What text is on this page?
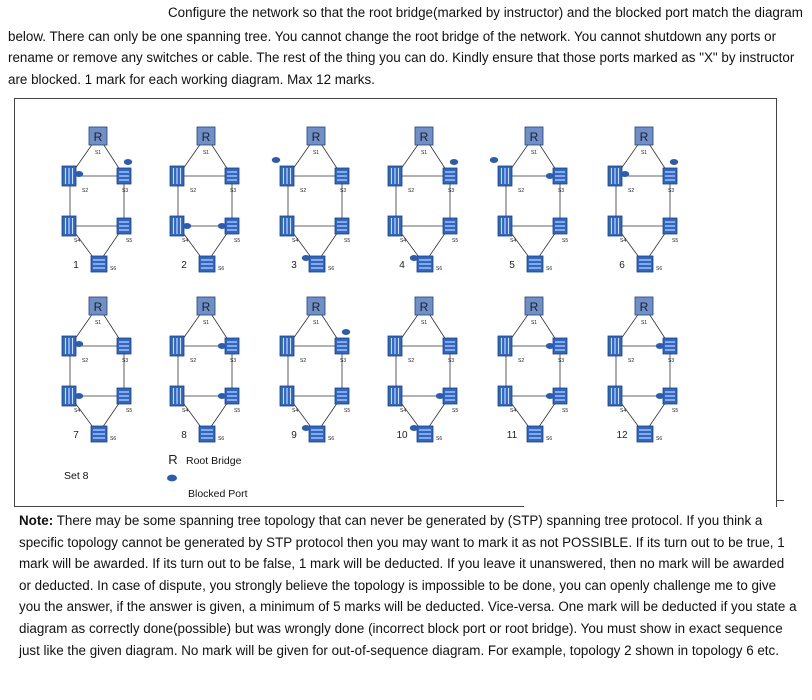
Configure the network so that the root bridge(marked by instructor) and the blocked port match the diagram below. There can only be one spanning tree. You cannot change the root bridge of the network. You cannot shutdown any ports or rename or remove any switches or cable. The rest of the thing you can do. Kindly ensure that those ports marked as "X" by instructor are blocked. 1 mark for each working diagram. Max 12 marks.
R
S1
S2	S3
S4	S5
S6
1
R
S1
S2	S3
S4	S5
S6
2
R
S1
S2	S3
S4	S5
S6
3
R
S1
S2	S3
S4	S5
S6
4
R
S1
S2	S3
S4	S5
S6
5
R
S1
S2	S3
S4	S5
S6
6
R
S1
S2	S3
S4	S5
S6
7
R
S1
S2	S3
S4	S5
S6
8
R
S1
S2	S3
S4	S5
S6
9
R
S1
S2	S3
S4	S5
S6
10
R
S1
S2	S3
S4	S5
S6
11
R
S1
S2	S3
S4	S5
S6
12
R Root Bridge
Blocked Port
Set 8
Note: There may be some spanning tree topology that can never be generated by (STP) spanning tree protocol. If you think a specific topology cannot be generated by STP protocol then you may want to mark it as not POSSIBLE. If its turn out to be true, 1 mark will be awarded. If its turn out to be false, 1 mark will be deducted. If you leave it unanswered, then no mark will be awarded or deducted. In case of dispute, you strongly believe the topology is impossible to be done, you can openly challenge me to give you the answer, if the answer is given, a minimum of 5 marks will be deducted. Vice-versa. One mark will be deducted if you state a diagram as correctly done(possible) but was wrongly done (incorrect block port or root bridge). You must show in exact sequence just like the given diagram. No mark will be given for out-of-sequence diagram. For example, topology 2 shown in topology 6 etc.
